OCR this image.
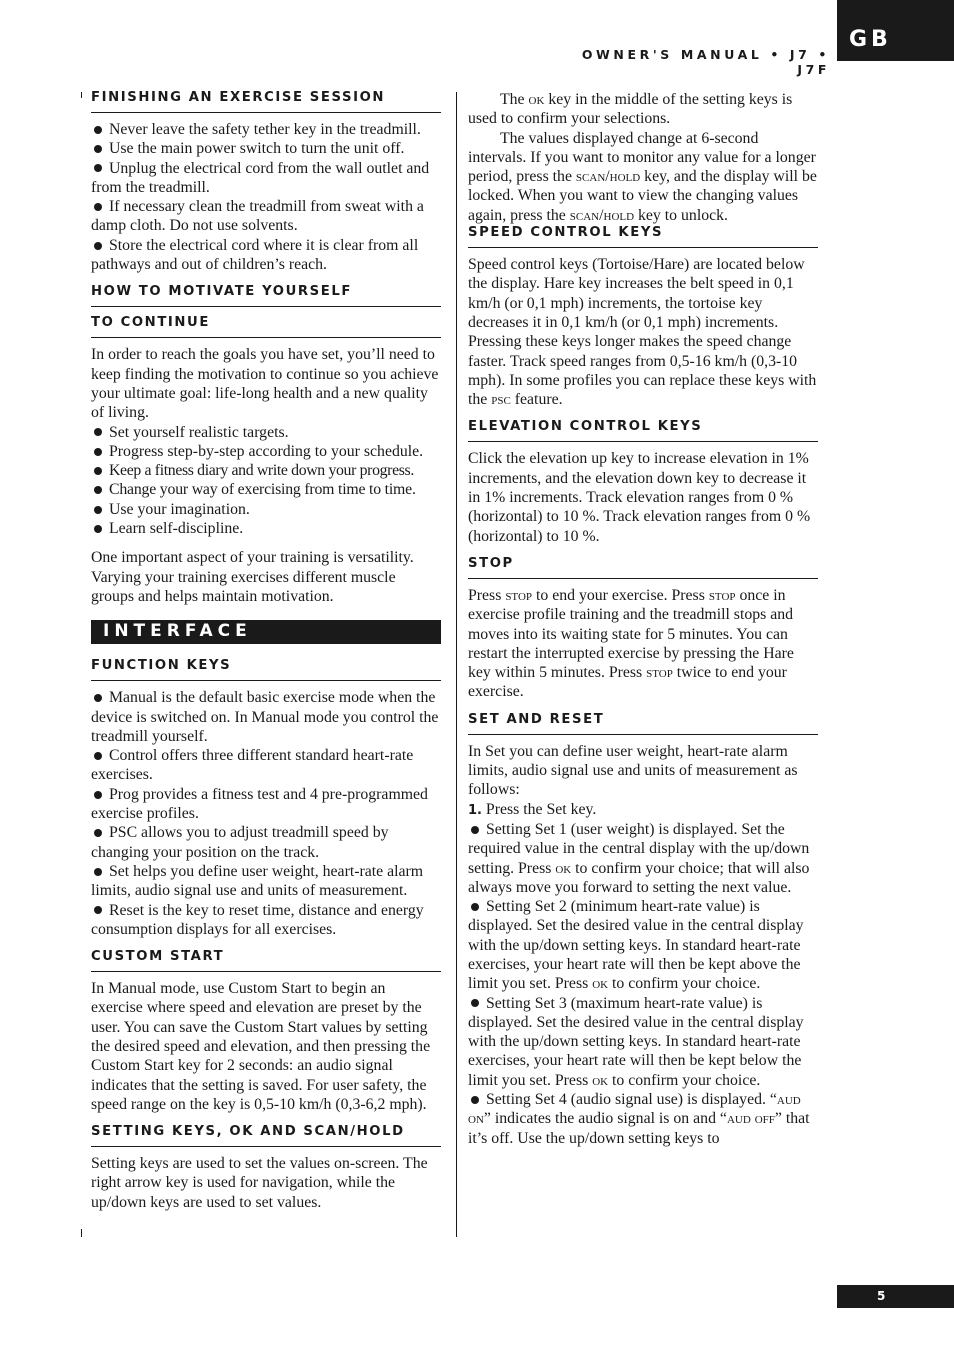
OWNER'S MANUAL • J7 • J7F
GB
5
FINISHING AN EXERCISE SESSION

Never leave the safety tether key in the treadmill.

Use the main power switch to turn the unit off.

Unplug the electrical cord from the wall outlet and from the treadmill.

If necessary clean the treadmill from sweat with a damp cloth. Do not use solvents.

Store the electrical cord where it is clear from all pathways and out of children’s reach.

HOW TO MOTIVATE YOURSELF
TO CONTINUE

In order to reach the goals you have set, you’ll need to keep finding the motivation to continue so you achieve your ultimate goal: life-long health and a new quality of living.

Set yourself realistic targets.

Progress step-by-step according to your schedule.

Keep a fitness diary and write down your progress.

Change your way of exercising from time to time.

Use your imagination.

Learn self-discipline.

One important aspect of your training is versatility. Varying your training exercises different muscle groups and helps maintain motivation.

INTERFACE
FUNCTION KEYS

Manual is the default basic exercise mode when the device is switched on. In Manual mode you control the treadmill yourself.

Control offers three different standard heart-rate exercises.

Prog provides a fitness test and 4 pre-programmed exercise profiles.

PSC allows you to adjust treadmill speed by changing your position on the track.

Set helps you define user weight, heart-rate alarm limits, audio signal use and units of measurement.

Reset is the key to reset time, distance and energy consumption displays for all exercises.

CUSTOM START

In Manual mode, use Custom Start to begin an exercise where speed and elevation are preset by the user. You can save the Custom Start values by setting the desired speed and elevation, and then pressing the Custom Start key for 2 seconds: an audio signal indicates that the setting is saved. For user safety, the speed range on the key is 0,5-10 km/h (0,3-6,2 mph).

SETTING KEYS, OK AND SCAN/HOLD

Setting keys are used to set the values on-screen. The right arrow key is used for navigation, while the up/down keys are used to set values.

The ok key in the middle of the setting keys is used to confirm your selections.

The values displayed change at 6-second intervals. If you want to monitor any value for a longer period, press the scan/hold key, and the display will be locked. When you want to view the changing values again, press the scan/hold key to unlock.

SPEED CONTROL KEYS

Speed control keys (Tortoise/Hare) are located below the display. Hare key increases the belt speed in 0,1 km/h (or 0,1 mph) increments, the tortoise key decreases it in 0,1 km/h (or 0,1 mph) increments. Pressing these keys longer makes the speed change faster. Track speed ranges from 0,5-16 km/h (0,3-10 mph). In some profiles you can replace these keys with the psc feature.

ELEVATION CONTROL KEYS

Click the elevation up key to increase elevation in 1% increments, and the elevation down key to decrease it in 1% increments. Track elevation ranges from 0 % (horizontal) to 10 %. Track elevation ranges from 0 % (horizontal) to 10 %.

STOP

Press stop to end your exercise. Press stop once in exercise profile training and the treadmill stops and moves into its waiting state for 5 minutes. You can restart the interrupted exercise by pressing the Hare key within 5 minutes. Press stop twice to end your exercise.

SET AND RESET

In Set you can define user weight, heart-rate alarm limits, audio signal use and units of measurement as follows:

1. Press the Set key.

Setting Set 1 (user weight) is displayed. Set the required value in the central display with the up/down setting. Press ok to confirm your choice; that will also always move you forward to setting the next value.

Setting Set 2 (minimum heart-rate value) is displayed. Set the desired value in the central display with the up/down setting keys. In standard heart-rate exercises, your heart rate will then be kept above the limit you set. Press ok to confirm your choice.

Setting Set 3 (maximum heart-rate value) is displayed. Set the desired value in the central display with the up/down setting keys. In standard heart-rate exercises, your heart rate will then be kept below the limit you set. Press ok to confirm your choice.

Setting Set 4 (audio signal use) is displayed. “aud on” indicates the audio signal is on and “aud off” that it’s off. Use the up/down setting keys to
